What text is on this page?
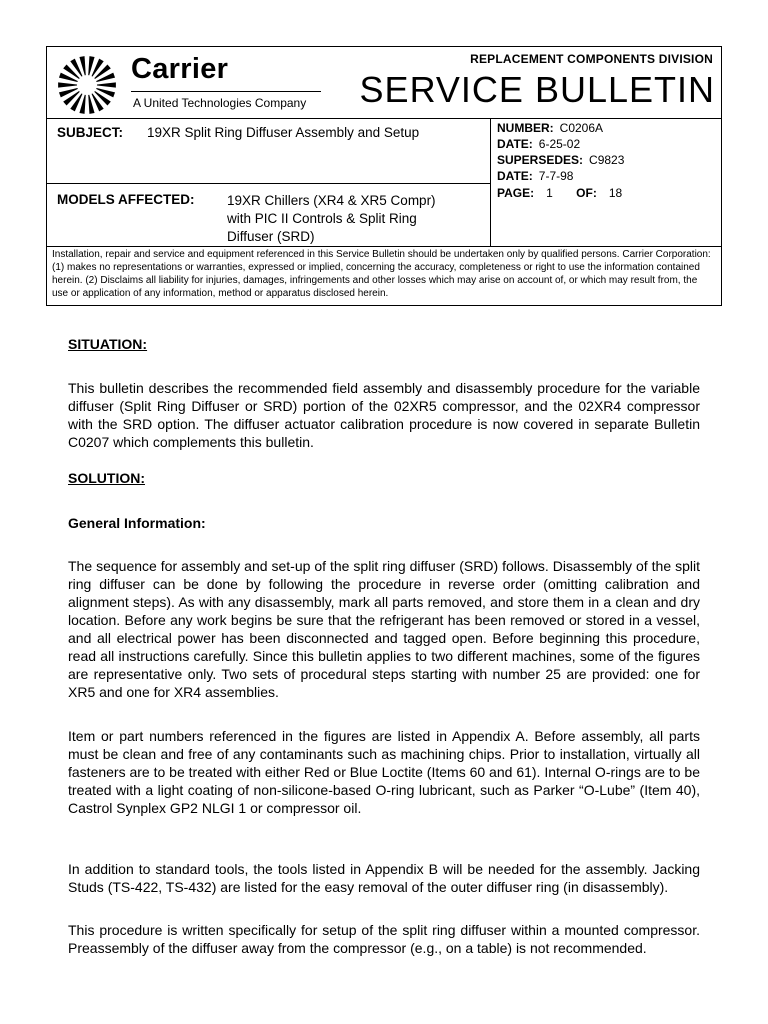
Carrier
A United Technologies Company
REPLACEMENT COMPONENTS DIVISION
SERVICE BULLETIN
SUBJECT: 19XR Split Ring Diffuser Assembly and Setup
MODELS AFFECTED: 19XR Chillers (XR4 & XR5 Compr)
with PIC II Controls & Split Ring
Diffuser (SRD)
NUMBER: C0206A
DATE: 6-25-02
SUPERSEDES: C9823
DATE: 7-7-98
PAGE: 1 OF: 18
Installation, repair and service and equipment referenced in this Service Bulletin should be undertaken only by qualified persons. Carrier Corporation: (1) makes no representations or warranties, expressed or implied, concerning the accuracy, completeness or right to use the information contained herein. (2) Disclaims all liability for injuries, damages, infringements and other losses which may arise on account of, or which may result from, the use or application of any information, method or apparatus disclosed herein.
SITUATION:
This bulletin describes the recommended field assembly and disassembly procedure for the variable diffuser (Split Ring Diffuser or SRD) portion of the 02XR5 compressor, and the 02XR4 compressor with the SRD option. The diffuser actuator calibration procedure is now covered in separate Bulletin C0207 which complements this bulletin.
SOLUTION:
General Information:
The sequence for assembly and set-up of the split ring diffuser (SRD) follows. Disassembly of the split ring diffuser can be done by following the procedure in reverse order (omitting calibration and alignment steps). As with any disassembly, mark all parts removed, and store them in a clean and dry location. Before any work begins be sure that the refrigerant has been removed or stored in a vessel, and all electrical power has been disconnected and tagged open. Before beginning this procedure, read all instructions carefully. Since this bulletin applies to two different machines, some of the figures are representative only. Two sets of procedural steps starting with number 25 are provided: one for XR5 and one for XR4 assemblies.
Item or part numbers referenced in the figures are listed in Appendix A. Before assembly, all parts must be clean and free of any contaminants such as machining chips. Prior to installation, virtually all fasteners are to be treated with either Red or Blue Loctite (Items 60 and 61). Internal O-rings are to be treated with a light coating of non-silicone-based O-ring lubricant, such as Parker “O-Lube” (Item 40), Castrol Synplex GP2 NLGI 1 or compressor oil.
In addition to standard tools, the tools listed in Appendix B will be needed for the assembly. Jacking Studs (TS-422, TS-432) are listed for the easy removal of the outer diffuser ring (in disassembly).
This procedure is written specifically for setup of the split ring diffuser within a mounted compressor. Preassembly of the diffuser away from the compressor (e.g., on a table) is not recommended.
